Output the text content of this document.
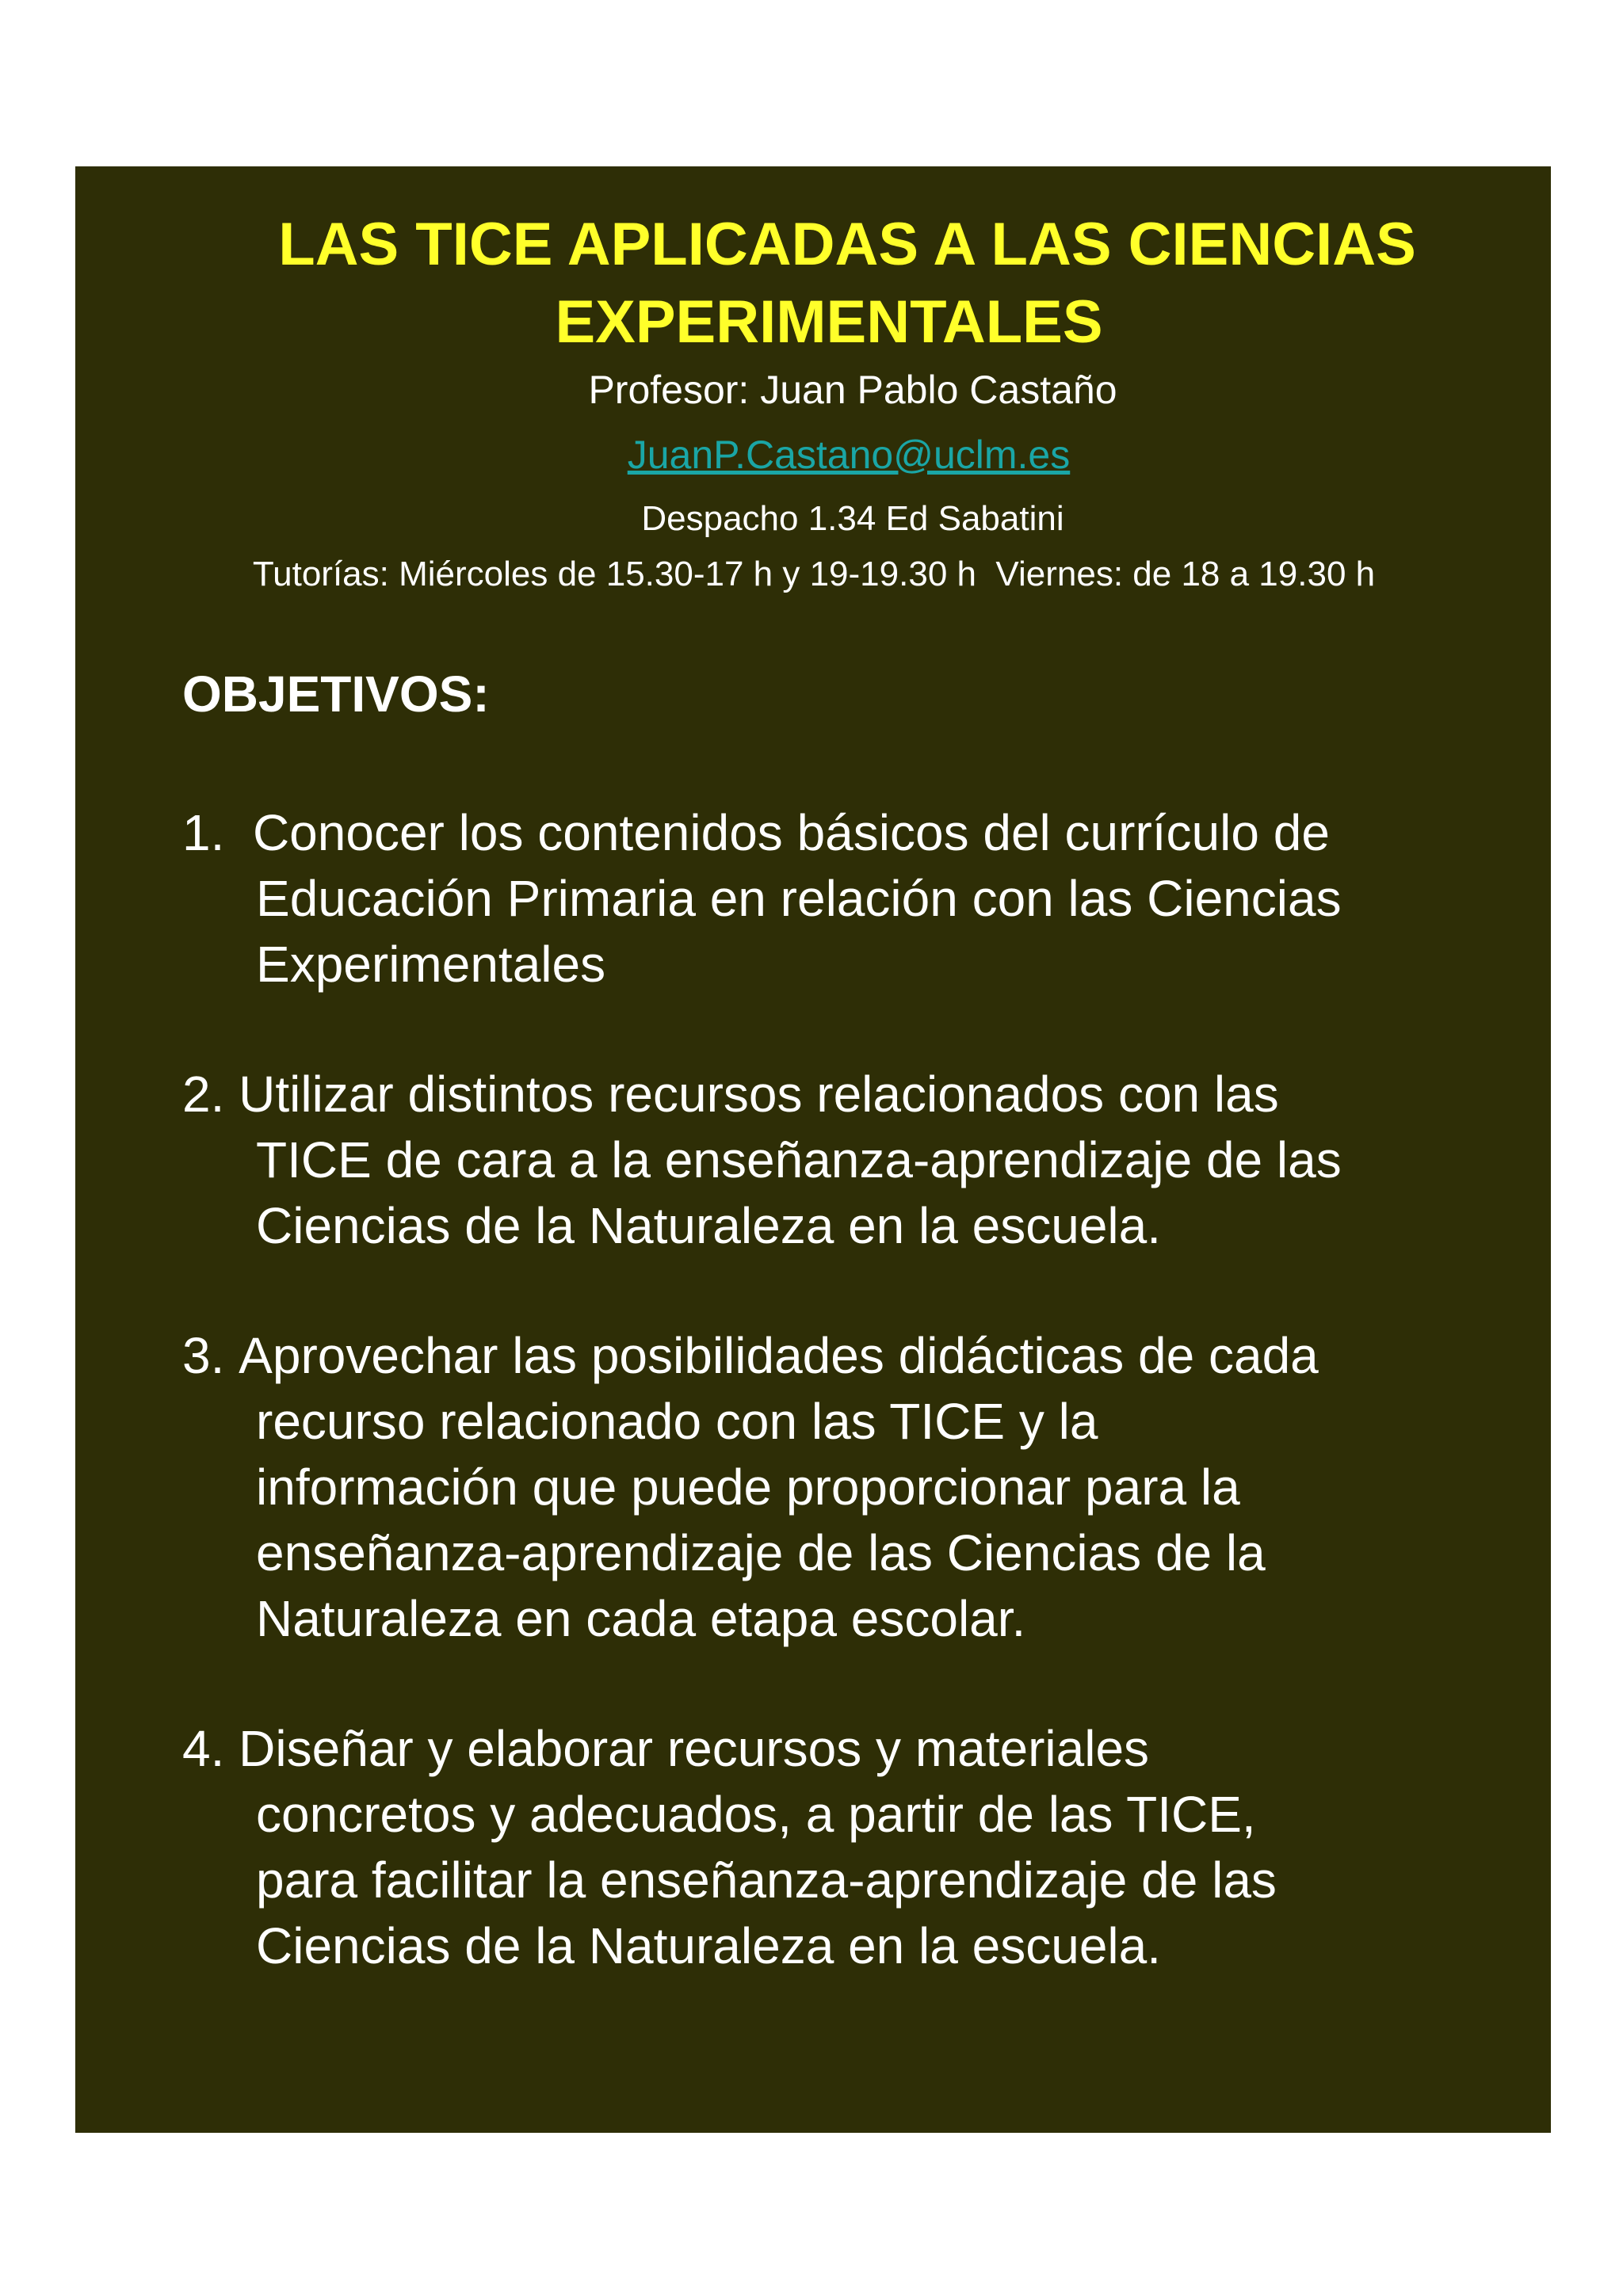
LAS TICE APLICADAS A LAS CIENCIAS
EXPERIMENTALES

Profesor: Juan Pablo Castaño

JuanP.Castano@uclm.es

Despacho 1.34 Ed Sabatini

Tutorías: Miércoles de 15.30-17 h y 19-19.30 h  Viernes: de 18 a 19.30 h

OBJETIVOS:
1.  Conocer los contenidos básicos del currículo de
Educación Primaria en relación con las Ciencias
Experimentales
2. Utilizar distintos recursos relacionados con las
TICE de cara a la enseñanza-aprendizaje de las
Ciencias de la Naturaleza en la escuela.
3. Aprovechar las posibilidades didácticas de cada
recurso relacionado con las TICE y la
información que puede proporcionar para la
enseñanza-aprendizaje de las Ciencias de la
Naturaleza en cada etapa escolar.
4. Diseñar y elaborar recursos y materiales
concretos y adecuados, a partir de las TICE,
para facilitar la enseñanza-aprendizaje de las
Ciencias de la Naturaleza en la escuela.
